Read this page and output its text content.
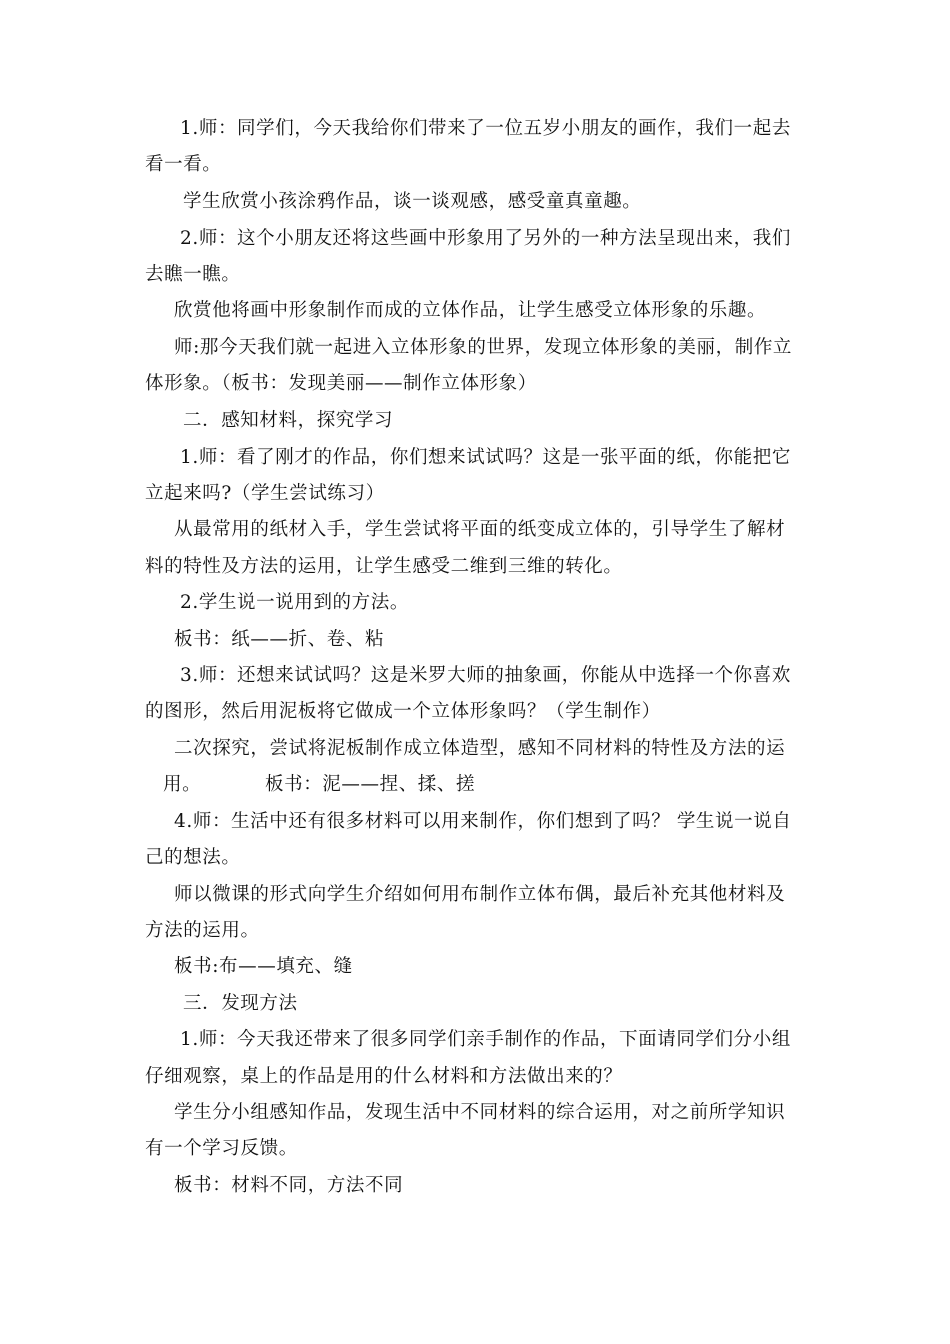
1.师：同学们，今天我给你们带来了一位五岁小朋友的画作，我们一起去
看一看。
学生欣赏小孩涂鸦作品，谈一谈观感，感受童真童趣。
2.师：这个小朋友还将这些画中形象用了另外的一种方法呈现出来，我们
去瞧一瞧。
欣赏他将画中形象制作而成的立体作品，让学生感受立体形象的乐趣。
师:那今天我们就一起进入立体形象的世界，发现立体形象的美丽，制作立
体形象。（板书：发现美丽——制作立体形象）
二．感知材料，探究学习
1.师：看了刚才的作品，你们想来试试吗？这是一张平面的纸，你能把它
立起来吗?（学生尝试练习）
从最常用的纸材入手，学生尝试将平面的纸变成立体的，引导学生了解材
料的特性及方法的运用，让学生感受二维到三维的转化。
2.学生说一说用到的方法。
板书：纸——折、卷、粘
3.师：还想来试试吗？这是米罗大师的抽象画，你能从中选择一个你喜欢
的图形，然后用泥板将它做成一个立体形象吗？（学生制作）
二次探究，尝试将泥板制作成立体造型，感知不同材料的特性及方法的运
用。	板书：泥——捏、揉、搓
4.师：生活中还有很多材料可以用来制作，你们想到了吗？ 学生说一说自
己的想法。
师以微课的形式向学生介绍如何用布制作立体布偶，最后补充其他材料及
方法的运用。
板书:布——填充、缝
三．发现方法
1.师：今天我还带来了很多同学们亲手制作的作品，下面请同学们分小组
仔细观察，桌上的作品是用的什么材料和方法做出来的？
学生分小组感知作品，发现生活中不同材料的综合运用，对之前所学知识
有一个学习反馈。
板书：材料不同，方法不同
